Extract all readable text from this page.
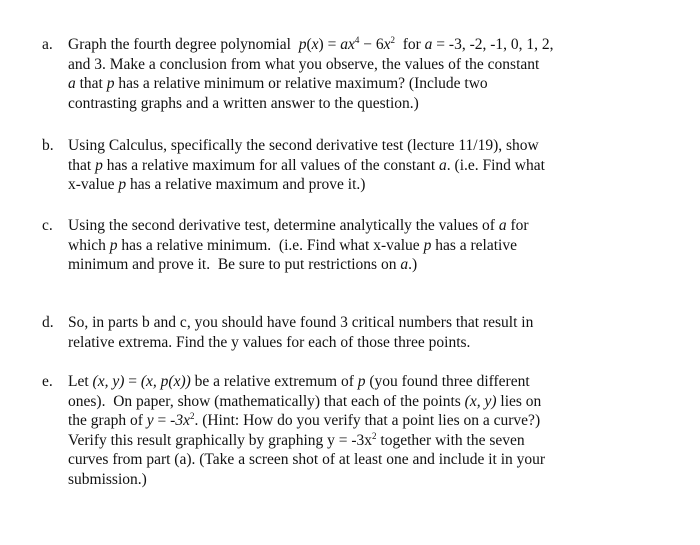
a. Graph the fourth degree polynomial  $p(x) = ax^4 - 6x^2$  for a = -3, -2, -1, 0, 1, 2,
and 3. Make a conclusion from what you observe, the values of the constant
a that p has a relative minimum or relative maximum? (Include two
contrasting graphs and a written answer to the question.)
b. Using Calculus, specifically the second derivative test (lecture 11/19), show
that p has a relative maximum for all values of the constant a. (i.e. Find what
x-value p has a relative maximum and prove it.)
c. Using the second derivative test, determine analytically the values of a for
which p has a relative minimum.  (i.e. Find what x-value p has a relative
minimum and prove it.  Be sure to put restrictions on a.)
d. So, in parts b and c, you should have found 3 critical numbers that result in
relative extrema. Find the y values for each of those three points.
e. Let (x, y) = (x, p(x)) be a relative extremum of p (you found three different
ones).  On paper, show (mathematically) that each of the points (x, y) lies on
the graph of $y = -3x^2$. (Hint: How do you verify that a point lies on a curve?)
Verify this result graphically by graphing $y = -3x^2$ together with the seven
curves from part (a). (Take a screen shot of at least one and include it in your
submission.)
